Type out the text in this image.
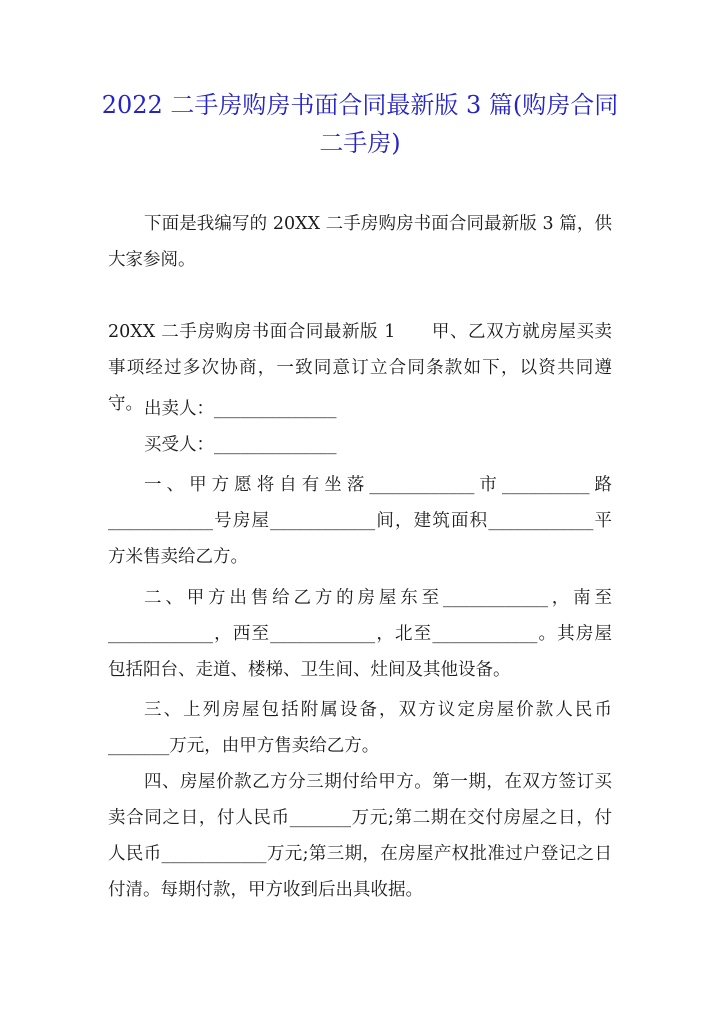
2022 二手房购房书面合同最新版 3 篇(购房合同 二手房)

下面是我编写的 20XX 二手房购房书面合同最新版 3 篇，供大家参阅。

20XX 二手房购房书面合同最新版 1 甲、乙双方就房屋买卖事项经过多次协商，一致同意订立合同条款如下，以资共同遵守。 出卖人：______________

买受人：______________

一、甲方愿将自有坐落____________市__________路____________号房屋____________间，建筑面积____________平方米售卖给乙方。

二、甲方出售给乙方的房屋东至____________，南至____________，西至____________，北至____________。其房屋包括阳台、走道、楼梯、卫生间、灶间及其他设备。

三、上列房屋包括附属设备，双方议定房屋价款人民币_______万元，由甲方售卖给乙方。

四、房屋价款乙方分三期付给甲方。第一期，在双方签订买卖合同之日，付人民币_______万元;第二期在交付房屋之日，付人民币____________万元;第三期，在房屋产权批准过户登记之日付清。每期付款，甲方收到后出具收据。
